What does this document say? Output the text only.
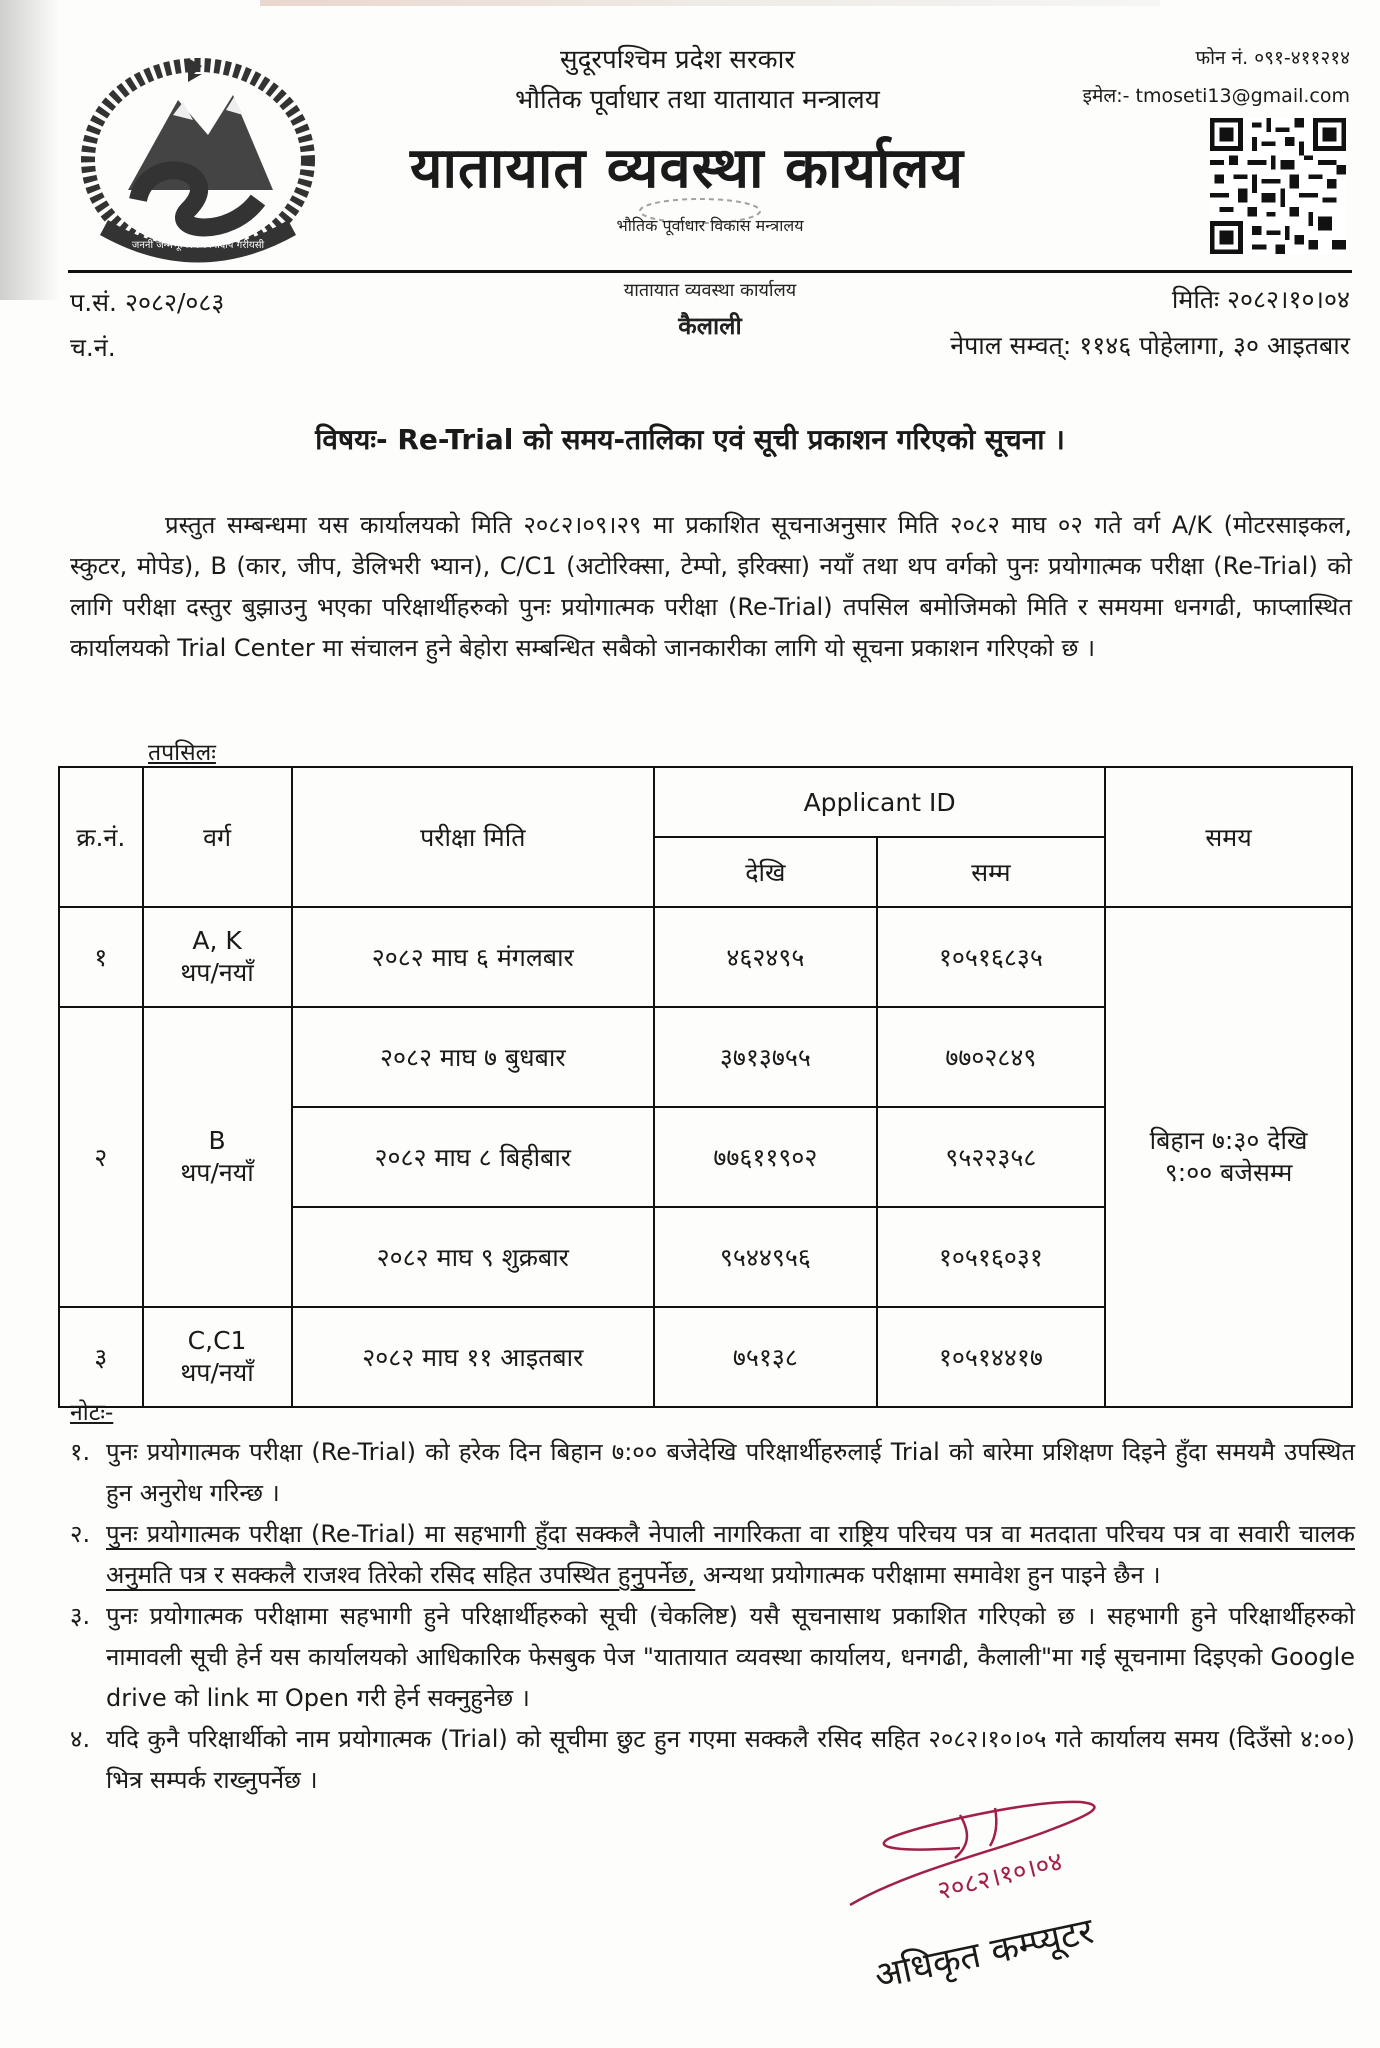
जननी जन्मभूमिश्च स्वर्गादपि गरीयसी
सुदूरपश्चिम प्रदेश सरकार
भौतिक पूर्वाधार तथा यातायात मन्त्रालय
यातायात व्यवस्था कार्यालय
फोन नं. ०९१-४११२१४
इमेल:- tmoseti13@gmail.com
भौतिक पूर्वाधार विकास मन्त्रालय
यातायात व्यवस्था कार्यालय
कैलाली
प.सं. २०८२/०८३
च.नं.
मितिः २०८२।१०।०४
नेपाल सम्वत्: ११४६ पोहेलागा, ३० आइतबार
विषयः- Re-Trial को समय-तालिका एवं सूची प्रकाशन गरिएको सूचना ।
प्रस्तुत सम्बन्धमा यस कार्यालयको मिति २०८२।०९।२९ मा प्रकाशित सूचनाअनुसार मिति २०८२ माघ ०२ गते वर्ग A/K (मोटरसाइकल, स्कुटर, मोपेड), B (कार, जीप, डेलिभरी भ्यान), C/C1 (अटोरिक्सा, टेम्पो, इरिक्सा) नयाँ तथा थप वर्गको पुनः प्रयोगात्मक परीक्षा (Re-Trial) को लागि परीक्षा दस्तुर बुझाउनु भएका परिक्षार्थीहरुको पुनः प्रयोगात्मक परीक्षा (Re-Trial) तपसिल बमोजिमको मिति र समयमा धनगढी, फाप्लास्थित कार्यालयको Trial Center मा संचालन हुने बेहोरा सम्बन्धित सबैको जानकारीका लागि यो सूचना प्रकाशन गरिएको छ ।
तपसिलः
क्र.नं.	वर्ग	परीक्षा मिति	Applicant ID		समय
			देखि	सम्म	
१	A, K
थप/नयाँ	२०८२ माघ ६ मंगलबार	४६२४९५	१०५१६८३५	बिहान ७:३० देखि
९:०० बजेसम्म

२	B
थप/नयाँ	२०८२ माघ ७ बुधबार	३७१३७५५	७७०२८४९	
		२०८२ माघ ८ बिहीबार	७७६११९०२	९५२२३५८	
		२०८२ माघ ९ शुक्रबार	९५४४९५६	१०५१६०३१	
३	C,C1
थप/नयाँ	२०८२ माघ ११ आइतबार	७५१३८	१०५१४४१७	
नोटः-
१. पुनः प्रयोगात्मक परीक्षा (Re-Trial) को हरेक दिन बिहान ७:०० बजेदेखि परिक्षार्थीहरुलाई Trial को बारेमा प्रशिक्षण दिइने हुँदा समयमै उपस्थित हुन अनुरोध गरिन्छ ।
२. पुनः प्रयोगात्मक परीक्षा (Re-Trial) मा सहभागी हुँदा सक्कलै नेपाली नागरिकता वा राष्ट्रिय परिचय पत्र वा मतदाता परिचय पत्र वा सवारी चालक अनुमति पत्र र सक्कलै राजश्व तिरेको रसिद सहित उपस्थित हुनुपर्नेछ, अन्यथा प्रयोगात्मक परीक्षामा समावेश हुन पाइने छैन ।
३. पुनः प्रयोगात्मक परीक्षामा सहभागी हुने परिक्षार्थीहरुको सूची (चेकलिष्ट) यसै सूचनासाथ प्रकाशित गरिएको छ । सहभागी हुने परिक्षार्थीहरुको नामावली सूची हेर्न यस कार्यालयको आधिकारिक फेसबुक पेज "यातायात व्यवस्था कार्यालय, धनगढी, कैलाली"मा गई सूचनामा दिइएको Google drive को link मा Open गरी हेर्न सक्नुहुनेछ ।
४. यदि कुनै परिक्षार्थीको नाम प्रयोगात्मक (Trial) को सूचीमा छुट हुन गएमा सक्कलै रसिद सहित २०८२।१०।०५ गते कार्यालय समय (दिउँसो ४:००) भित्र सम्पर्क राख्नुपर्नेछ ।
२०८२।१०।०४
अधिकृत कम्प्यूटर
